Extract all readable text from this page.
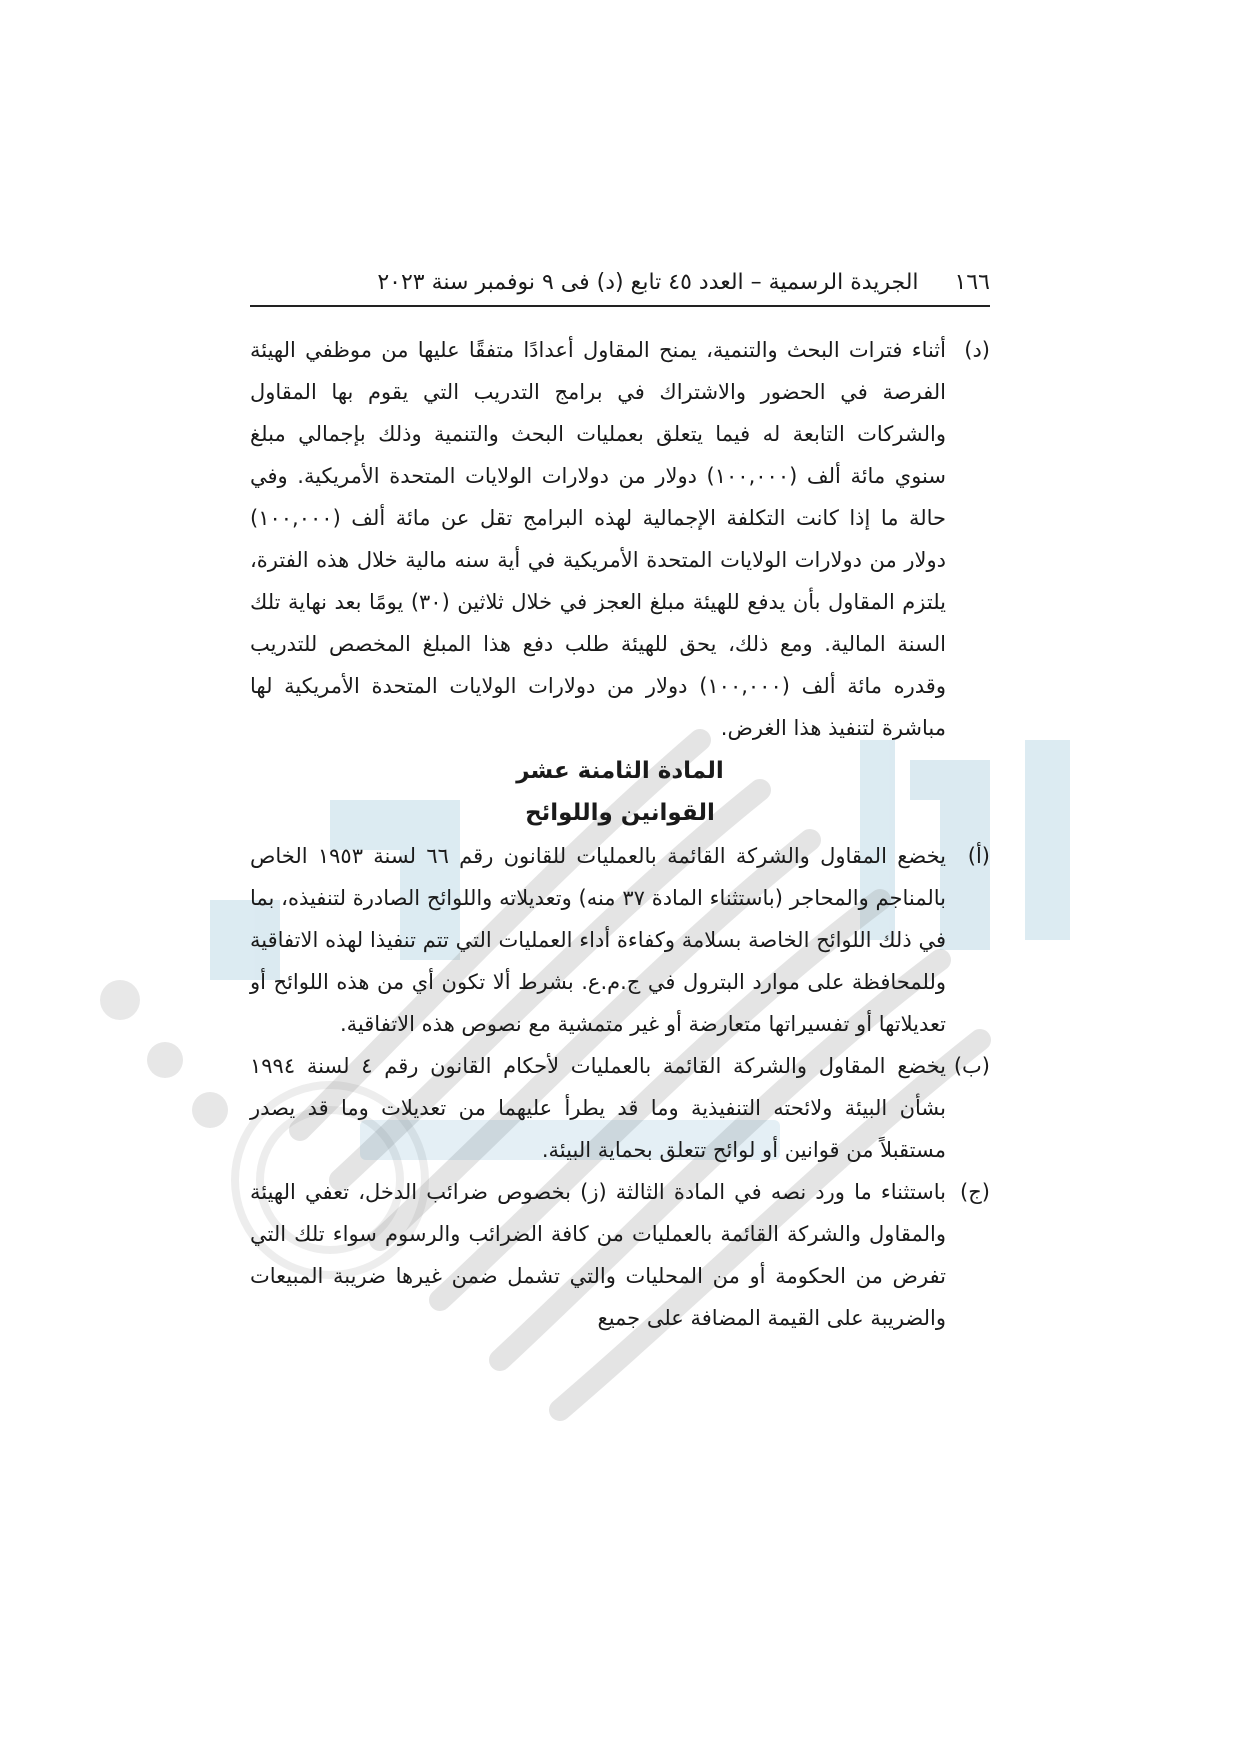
١٦٦
الجريدة الرسمية – العدد ٤٥ تابع (د) فى ٩ نوفمبر سنة ٢٠٢٣
(د)
أثناء فترات البحث والتنمية، يمنح المقاول أعدادًا متفقًا عليها من موظفي الهيئة الفرصة في الحضور والاشتراك في برامج التدريب التي يقوم بها المقاول والشركات التابعة له فيما يتعلق بعمليات البحث والتنمية وذلك بإجمالي مبلغ سنوي مائة ألف (١٠٠,٠٠٠) دولار من دولارات الولايات المتحدة الأمريكية. وفي حالة ما إذا كانت التكلفة الإجمالية لهذه البرامج تقل عن مائة ألف (١٠٠,٠٠٠) دولار من دولارات الولايات المتحدة الأمريكية في أية سنه مالية خلال هذه الفترة، يلتزم المقاول بأن يدفع للهيئة مبلغ العجز في خلال ثلاثين (٣٠) يومًا بعد نهاية تلك السنة المالية. ومع ذلك، يحق للهيئة طلب دفع هذا المبلغ المخصص للتدريب وقدره مائة ألف (١٠٠,٠٠٠) دولار من دولارات الولايات المتحدة الأمريكية لها مباشرة لتنفيذ هذا الغرض.
المادة الثامنة عشر
القوانين واللوائح
(أ)
يخضع المقاول والشركة القائمة بالعمليات للقانون رقم ٦٦ لسنة ١٩٥٣ الخاص بالمناجم والمحاجر (باستثناء المادة ٣٧ منه) وتعديلاته واللوائح الصادرة لتنفيذه، بما في ذلك اللوائح الخاصة بسلامة وكفاءة أداء العمليات التي تتم تنفيذا لهذه الاتفاقية وللمحافظة على موارد البترول في ج.م.ع. بشرط ألا تكون أي من هذه اللوائح أو تعديلاتها أو تفسيراتها متعارضة أو غير متمشية مع نصوص هذه الاتفاقية.
(ب)
يخضع المقاول والشركة القائمة بالعمليات لأحكام القانون رقم ٤ لسنة ١٩٩٤ بشأن البيئة ولائحته التنفيذية وما قد يطرأ عليهما من تعديلات وما قد يصدر مستقبلاً من قوانين أو لوائح تتعلق بحماية البيئة.
(ج)
باستثناء ما ورد نصه في المادة الثالثة (ز) بخصوص ضرائب الدخل، تعفي الهيئة والمقاول والشركة القائمة بالعمليات من كافة الضرائب والرسوم سواء تلك التي تفرض من الحكومة أو من المحليات والتي تشمل ضمن غيرها ضريبة المبيعات والضريبة على القيمة المضافة على جميع
